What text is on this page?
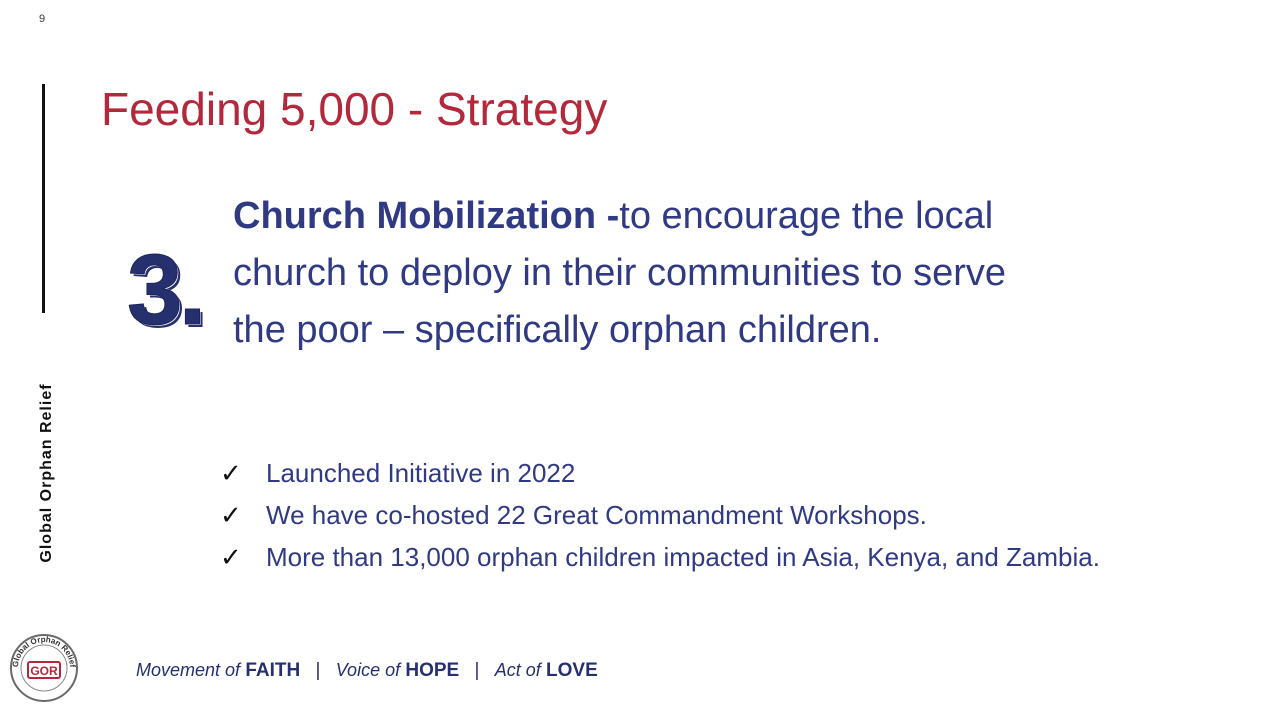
9
Global Orphan Relief
Feeding 5,000 - Strategy
3.

Church Mobilization -to encourage the local church to deploy in their communities to serve the poor – specifically orphan children.

✓ Launched Initiative in 2022
✓ We have co-hosted 22 Great Commandment Workshops.
✓ More than 13,000 orphan children impacted in Asia, Kenya, and Zambia.
Global Orphan Relief
GOR	Movement of FAITH | Voice of HOPE | Act of LOVE
